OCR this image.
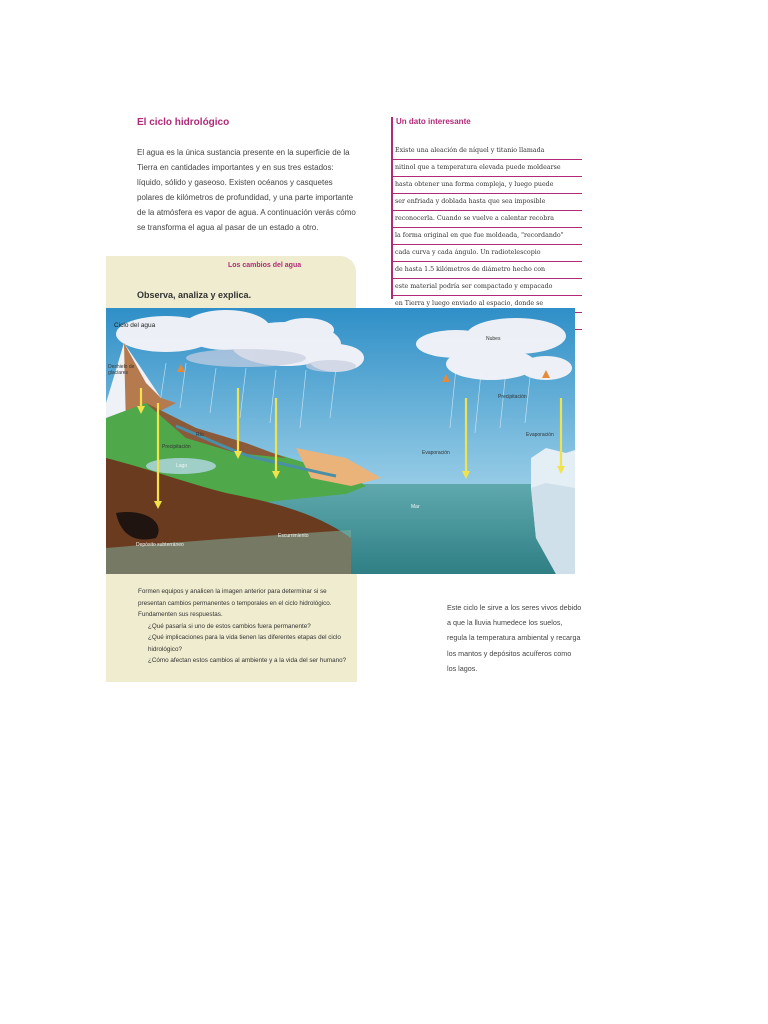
El ciclo hidrológico
El agua es la única sustancia presente en la superficie de la Tierra en cantidades importantes y en sus tres estados: líquido, sólido y gaseoso. Existen océanos y casquetes polares de kilómetros de profundidad, y una parte importante de la atmósfera es vapor de agua. A continuación verás cómo se transforma el agua al pasar de un estado a otro.
Los cambios del agua
Observa, analiza y explica.
Un dato interesante
Existe una aleación de níquel y titanio llamada
nitinol que a temperatura elevada puede moldearse
hasta obtener una forma compleja, y luego puede
ser enfriada y doblada hasta que sea imposible
reconocerla. Cuando se vuelve a calentar recobra
la forma original en que fue moldeada, "recordando"
cada curva y cada ángulo. Un radiotelescopio
de hasta 1.5 kilómetros de diámetro hecho con
este material podría ser compactado y empacado
en Tierra y luego enviado al espacio, donde se
Ciclo del agua
Deshielo de glaciares
Río
Precipitación
Lago
Depósito subterráneo
Escurrimiento
Mar
Nubes
Precipitación
Evaporación
Evaporación

Formen equipos y analicen la imagen anterior para determinar si se presentan cambios permanentes o temporales en el ciclo hidrológico. Fundamenten sus respuestas.

¿Qué pasaría si uno de estos cambios fuera permanente?

¿Qué implicaciones para la vida tienen las diferentes etapas del ciclo hidrológico?

¿Cómo afectan estos cambios al ambiente y a la vida del ser humano?

Este ciclo le sirve a los seres vivos debido a que la lluvia humedece los suelos, regula la temperatura ambiental y recarga los mantos y depósitos acuíferos como los lagos.
